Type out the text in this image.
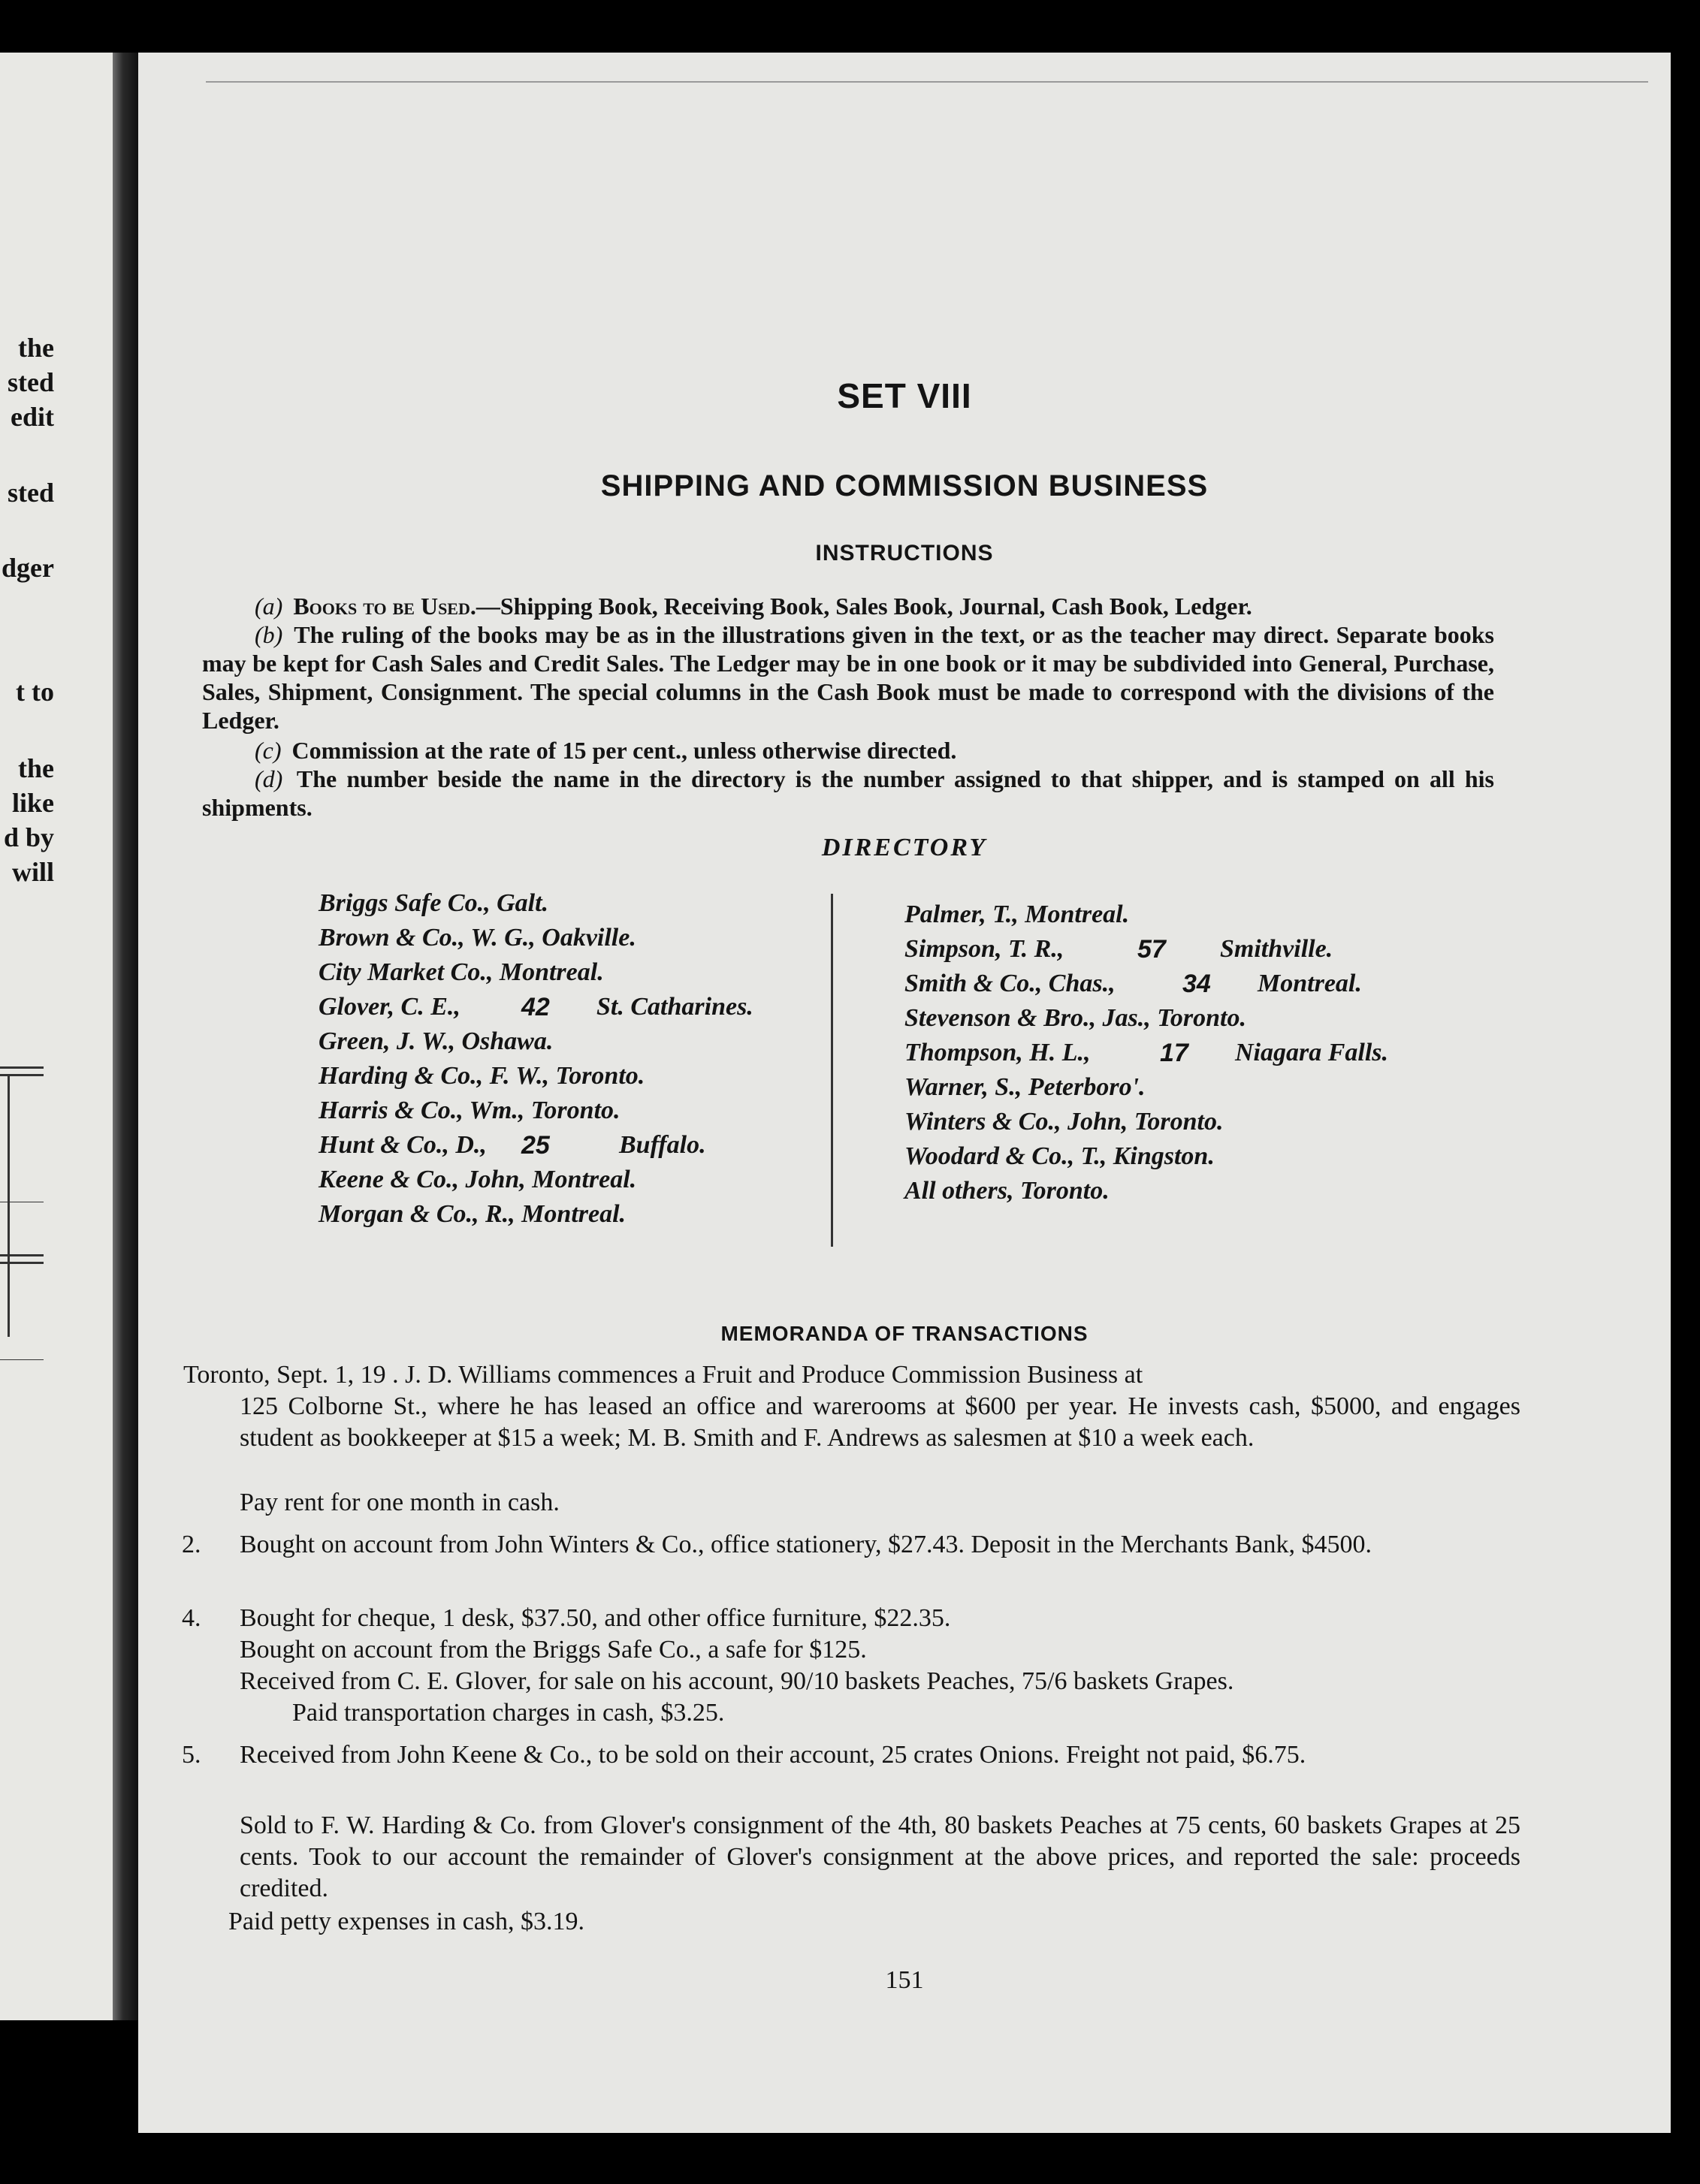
the
sted
edit
sted
dger
t to
the
like
d by
will
SET VIII
SHIPPING AND COMMISSION BUSINESS
INSTRUCTIONS
(a) Books to be Used.—Shipping Book, Receiving Book, Sales Book, Journal, Cash Book, Ledger.
(b) The ruling of the books may be as in the illustrations given in the text, or as the teacher may direct. Separate books may be kept for Cash Sales and Credit Sales. The Ledger may be in one book or it may be subdivided into General, Purchase, Sales, Shipment, Consignment. The special columns in the Cash Book must be made to correspond with the divisions of the Ledger.
(c) Commission at the rate of 15 per cent., unless otherwise directed.
(d) The number beside the name in the directory is the number assigned to that shipper, and is stamped on all his shipments.
DIRECTORY
Briggs Safe Co., Galt.
Brown & Co., W. G., Oakville.
City Market Co., Montreal.
Glover, C. E., 42 St. Catharines.
Green, J. W., Oshawa.
Harding & Co., F. W., Toronto.
Harris & Co., Wm., Toronto.
Hunt & Co., D., 25	Buffalo.
Keene & Co., John, Montreal.
Morgan & Co., R., Montreal.
Palmer, T., Montreal.
Simpson, T. R.,	57 Smithville.
Smith & Co., Chas.,	34 Montreal.
Stevenson & Bro., Jas., Toronto.
Thompson, H. L.,	17 Niagara Falls.
Warner, S., Peterboro'.
Winters & Co., John, Toronto.
Woodard & Co., T., Kingston.
All others, Toronto.
MEMORANDA OF TRANSACTIONS
Toronto, Sept. 1, 19 . J. D. Williams commences a Fruit and Produce Commission Business at
125 Colborne St., where he has leased an office and warerooms at $600 per year. He invests cash, $5000, and engages student as bookkeeper at $15 a week; M. B. Smith and F. Andrews as salesmen at $10 a week each.
Pay rent for one month in cash.
2. Bought on account from John Winters & Co., office stationery, $27.43. Deposit in the Merchants Bank, $4500.
4. Bought for cheque, 1 desk, $37.50, and other office furniture, $22.35.
Bought on account from the Briggs Safe Co., a safe for $125.
Received from C. E. Glover, for sale on his account, 90/10 baskets Peaches, 75/6 baskets Grapes.
Paid transportation charges in cash, $3.25.
5. Received from John Keene & Co., to be sold on their account, 25 crates Onions. Freight not paid, $6.75.
Sold to F. W. Harding & Co. from Glover's consignment of the 4th, 80 baskets Peaches at 75 cents, 60 baskets Grapes at 25 cents. Took to our account the remainder of Glover's consignment at the above prices, and reported the sale: proceeds credited.
Paid petty expenses in cash, $3.19.
151
